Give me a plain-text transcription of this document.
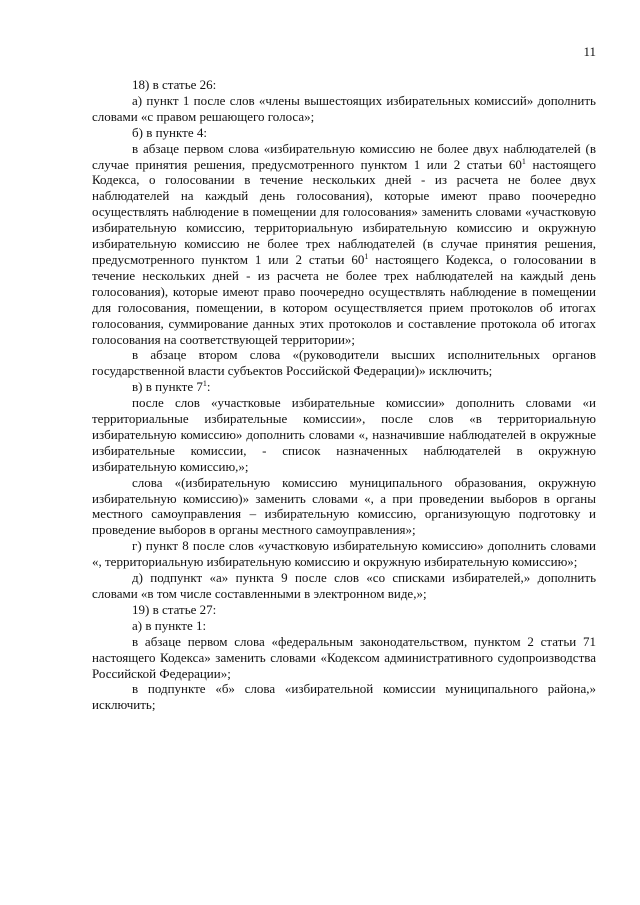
11

18) в статье 26:

а) пункт 1 после слов «члены вышестоящих избирательных комиссий» дополнить словами «с правом решающего голоса»;

б) в пункте 4:

в абзаце первом слова «избирательную комиссию не более двух наблюдателей (в случае принятия решения, предусмотренного пунктом 1 или 2 статьи $60^1$ настоящего Кодекса, о голосовании в течение нескольких дней - из расчета не более двух наблюдателей на каждый день голосования), которые имеют право поочередно осуществлять наблюдение в помещении для голосования» заменить словами «участковую избирательную комиссию, территориальную избирательную комиссию и окружную избирательную комиссию не более трех наблюдателей (в случае принятия решения, предусмотренного пунктом 1 или 2 статьи $60^1$ настоящего Кодекса, о голосовании в течение нескольких дней - из расчета не более трех наблюдателей на каждый день голосования), которые имеют право поочередно осуществлять наблюдение в помещении для голосования, помещении, в котором осуществляется прием протоколов об итогах голосования, суммирование данных этих протоколов и составление протокола об итогах голосования на соответствующей территории»;

в абзаце втором слова «(руководители высших исполнительных органов государственной власти субъектов Российской Федерации)» исключить;

в) в пункте $7^1$:

после слов «участковые избирательные комиссии» дополнить словами «и территориальные избирательные комиссии», после слов «в территориальную избирательную комиссию» дополнить словами «, назначившие наблюдателей в окружные избирательные комиссии, - список назначенных наблюдателей в окружную избирательную комиссию,»;

слова «(избирательную комиссию муниципального образования, окружную избирательную комиссию)» заменить словами «, а при проведении выборов в органы местного самоуправления – избирательную комиссию, организующую подготовку и проведение выборов в органы местного самоуправления»;

г) пункт 8 после слов «участковую избирательную комиссию» дополнить словами «, территориальную избирательную комиссию и окружную избирательную комиссию»;

д) подпункт «а» пункта 9 после слов «со списками избирателей,» дополнить словами «в том числе составленными в электронном виде,»;

19) в статье 27:

а) в пункте 1:

в абзаце первом слова «федеральным законодательством, пунктом 2 статьи 71 настоящего Кодекса» заменить словами «Кодексом административного судопроизводства Российской Федерации»;

в подпункте «б» слова «избирательной комиссии муниципального района,» исключить;
